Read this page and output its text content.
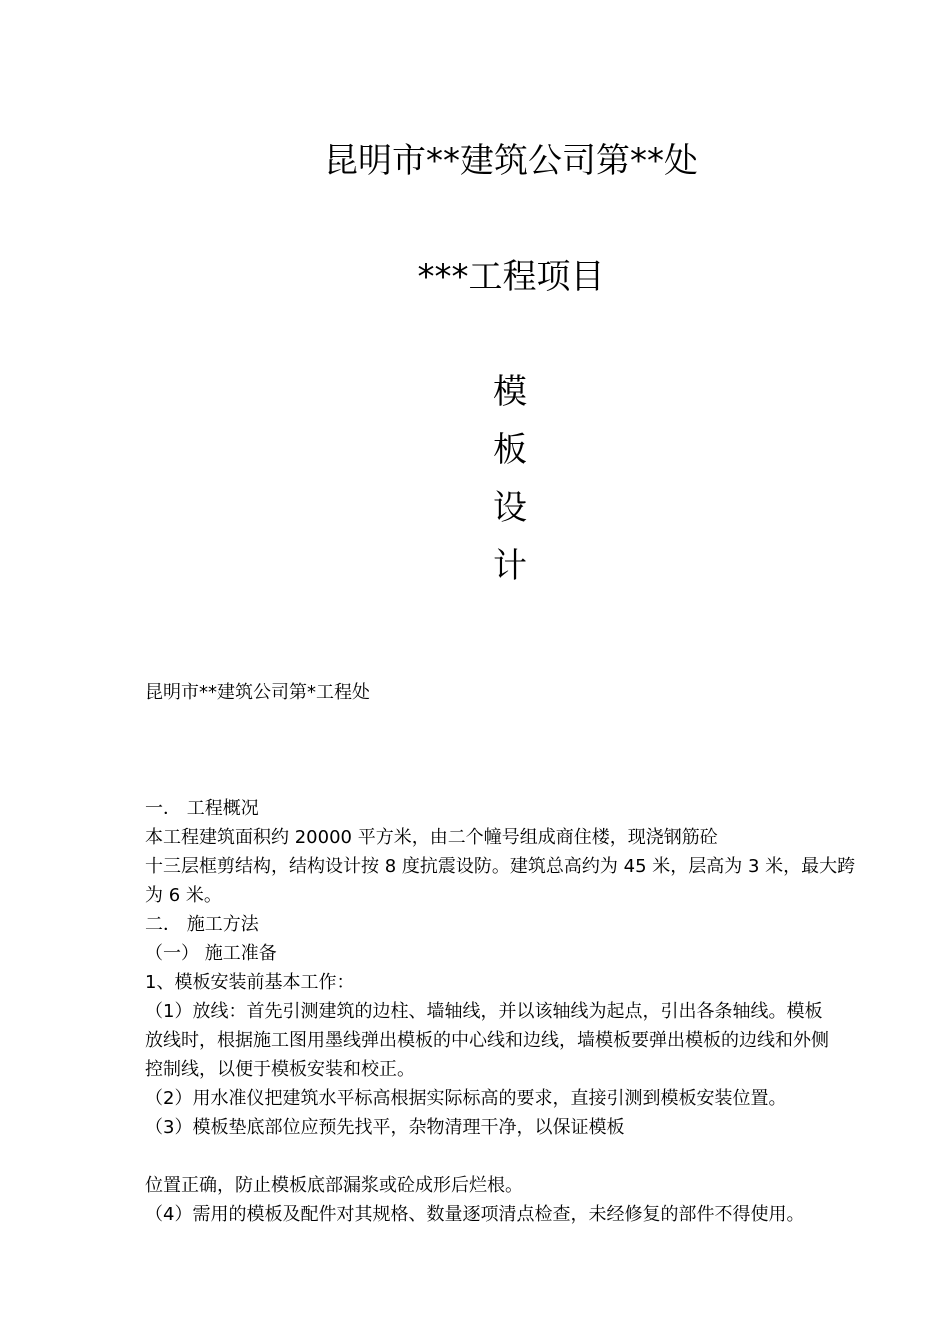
昆明市**建筑公司第**处
***工程项目
模
板
设
计
昆明市**建筑公司第*工程处
一． 工程概况
本工程建筑面积约 20000 平方米，由二个幢号组成商住楼，现浇钢筋砼
十三层框剪结构，结构设计按 8 度抗震设防。建筑总高约为 45 米，层高为 3 米，最大跨
为 6 米。
二． 施工方法
（一） 施工准备
1、模板安装前基本工作：
（1）放线：首先引测建筑的边柱、墙轴线，并以该轴线为起点，引出各条轴线。模板
放线时，根据施工图用墨线弹出模板的中心线和边线，墙模板要弹出模板的边线和外侧
控制线，以便于模板安装和校正。
（2）用水准仪把建筑水平标高根据实际标高的要求，直接引测到模板安装位置。
（3）模板垫底部位应预先找平，杂物清理干净，以保证模板
位置正确，防止模板底部漏浆或砼成形后烂根。
（4）需用的模板及配件对其规格、数量逐项清点检查，未经修复的部件不得使用。
